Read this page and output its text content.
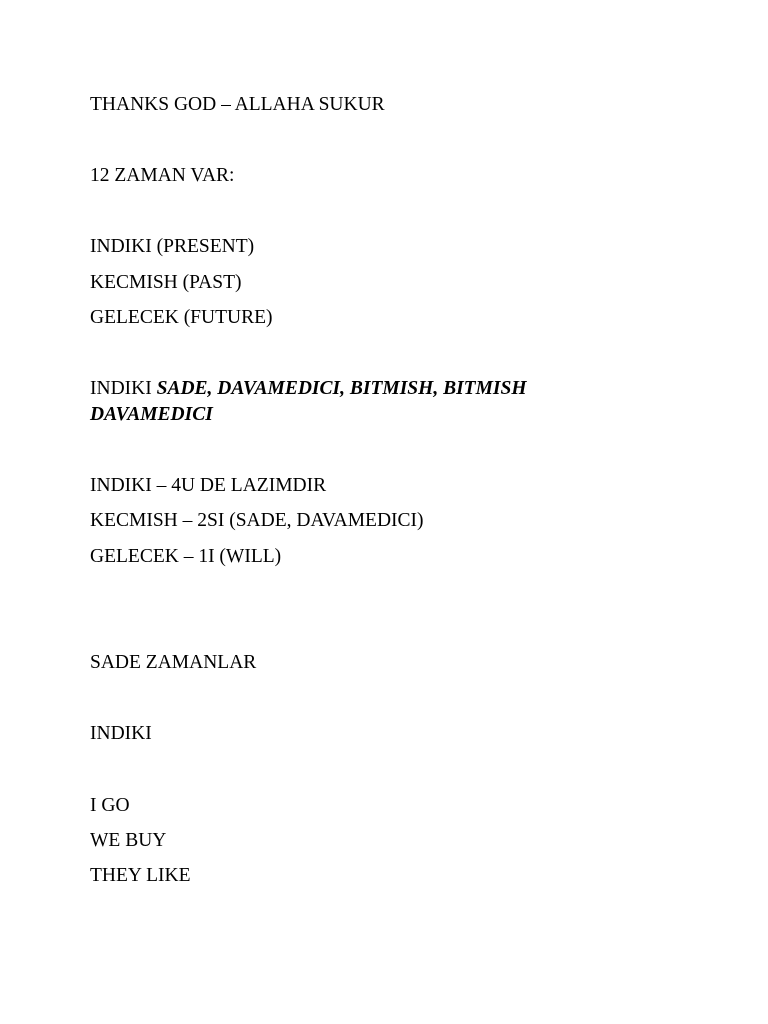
THANKS GOD – ALLAHA SUKUR
12 ZAMAN VAR:
INDIKI (PRESENT)
KECMISH (PAST)
GELECEK (FUTURE)
INDIKI SADE, DAVAMEDICI, BITMISH, BITMISH DAVAMEDICI
INDIKI – 4U DE LAZIMDIR
KECMISH – 2SI (SADE, DAVAMEDICI)
GELECEK – 1I (WILL)
SADE ZAMANLAR
INDIKI
I GO
WE BUY
THEY LIKE
